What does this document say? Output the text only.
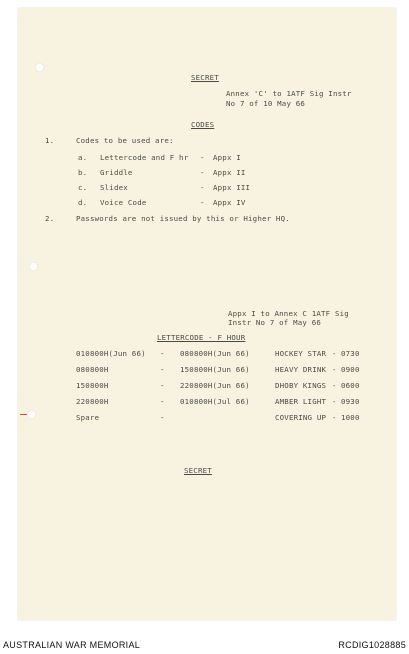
SECRET
Annex 'C' to 1ATF Sig Instr
No 7 of 10 May 66
CODES
1.	Codes to be used are:
a. Lettercode and F hr - Appx I
b. Griddle	- Appx II
c. Slidex	- Appx III
d. Voice Code	- Appx IV
2.	Passwords are not issued by this or Higher HQ.
Appx I to Annex C 1ATF Sig
Instr No 7 of May 66
LETTERCODE - F HOUR
010800H(Jun 66) - 080800H(Jun 66)	HOCKEY STAR - 0730
080800H	- 150800H(Jun 66)	HEAVY DRINK - 0900
150800H	- 220800H(Jun 66)	DHOBY KINGS - 0600
220800H	- 010800H(Jul 66)	AMBER LIGHT - 0930
Spare	-	COVERING UP - 1000
SECRET
AUSTRALIAN WAR MEMORIAL	RCDIG1028885
